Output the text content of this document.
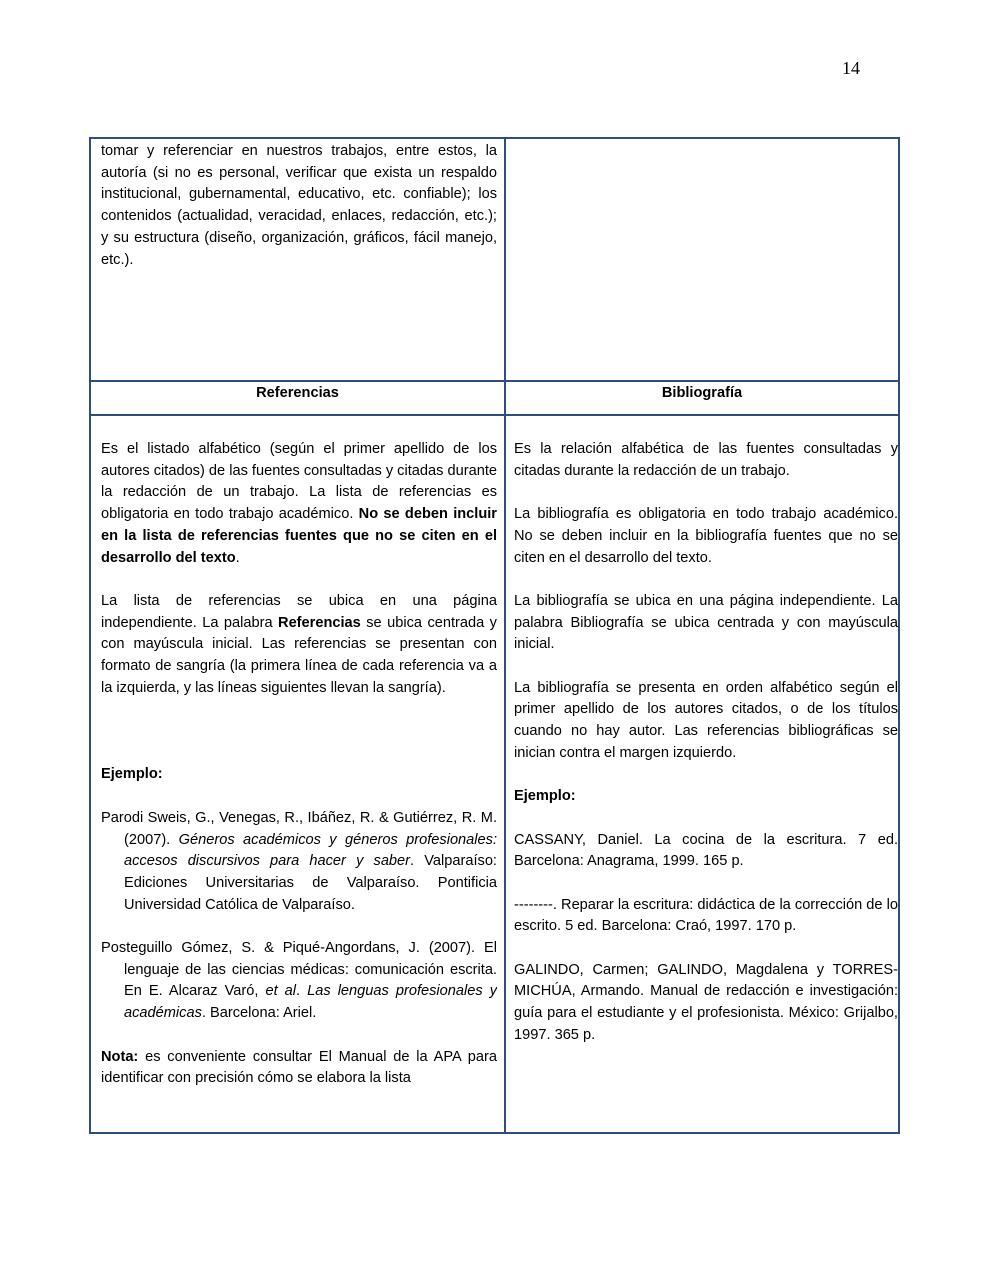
14

tomar y referenciar en nuestros trabajos, entre estos, la autoría (si no es personal, verificar que exista un respaldo institucional, gubernamental, educativo, etc. confiable); los contenidos (actualidad, veracidad, enlaces, redacción, etc.); y su estructura (diseño, organización, gráficos, fácil manejo, etc.).

Referencias	Bibliografía

Es el listado alfabético (según el primer apellido de los autores citados) de las fuentes consultadas y citadas durante la redacción de un trabajo. La lista de referencias es obligatoria en todo trabajo académico. No se deben incluir en la lista de referencias fuentes que no se citen en el desarrollo del texto.

La lista de referencias se ubica en una página independiente. La palabra Referencias se ubica centrada y con mayúscula inicial. Las referencias se presentan con formato de sangría (la primera línea de cada referencia va a la izquierda, y las líneas siguientes llevan la sangría).

Ejemplo:

Parodi Sweis, G., Venegas, R., Ibáñez, R. & Gutiérrez, R. M. (2007). Géneros académicos y géneros profesionales: accesos discursivos para hacer y saber. Valparaíso: Ediciones Universitarias de Valparaíso. Pontificia Universidad Católica de Valparaíso.

Posteguillo Gómez, S. & Piqué-Angordans, J. (2007). El lenguaje de las ciencias médicas: comunicación escrita. En E. Alcaraz Varó, et al. Las lenguas profesionales y académicas. Barcelona: Ariel.

Nota: es conveniente consultar El Manual de la APA para identificar con precisión cómo se elabora la lista

Es la relación alfabética de las fuentes consultadas y citadas durante la redacción de un trabajo.

La bibliografía es obligatoria en todo trabajo académico. No se deben incluir en la bibliografía fuentes que no se citen en el desarrollo del texto.

La bibliografía se ubica en una página independiente. La palabra Bibliografía se ubica centrada y con mayúscula inicial.

La bibliografía se presenta en orden alfabético según el primer apellido de los autores citados, o de los títulos cuando no hay autor. Las referencias bibliográficas se inician contra el margen izquierdo.

Ejemplo:

CASSANY, Daniel. La cocina de la escritura. 7 ed. Barcelona: Anagrama, 1999. 165 p.

--------. Reparar la escritura: didáctica de la corrección de lo escrito. 5 ed. Barcelona: Craó, 1997. 170 p.

GALINDO, Carmen; GALINDO, Magdalena y TORRES-MICHÚA, Armando. Manual de redacción e investigación: guía para el estudiante y el profesionista. México: Grijalbo, 1997. 365 p.
